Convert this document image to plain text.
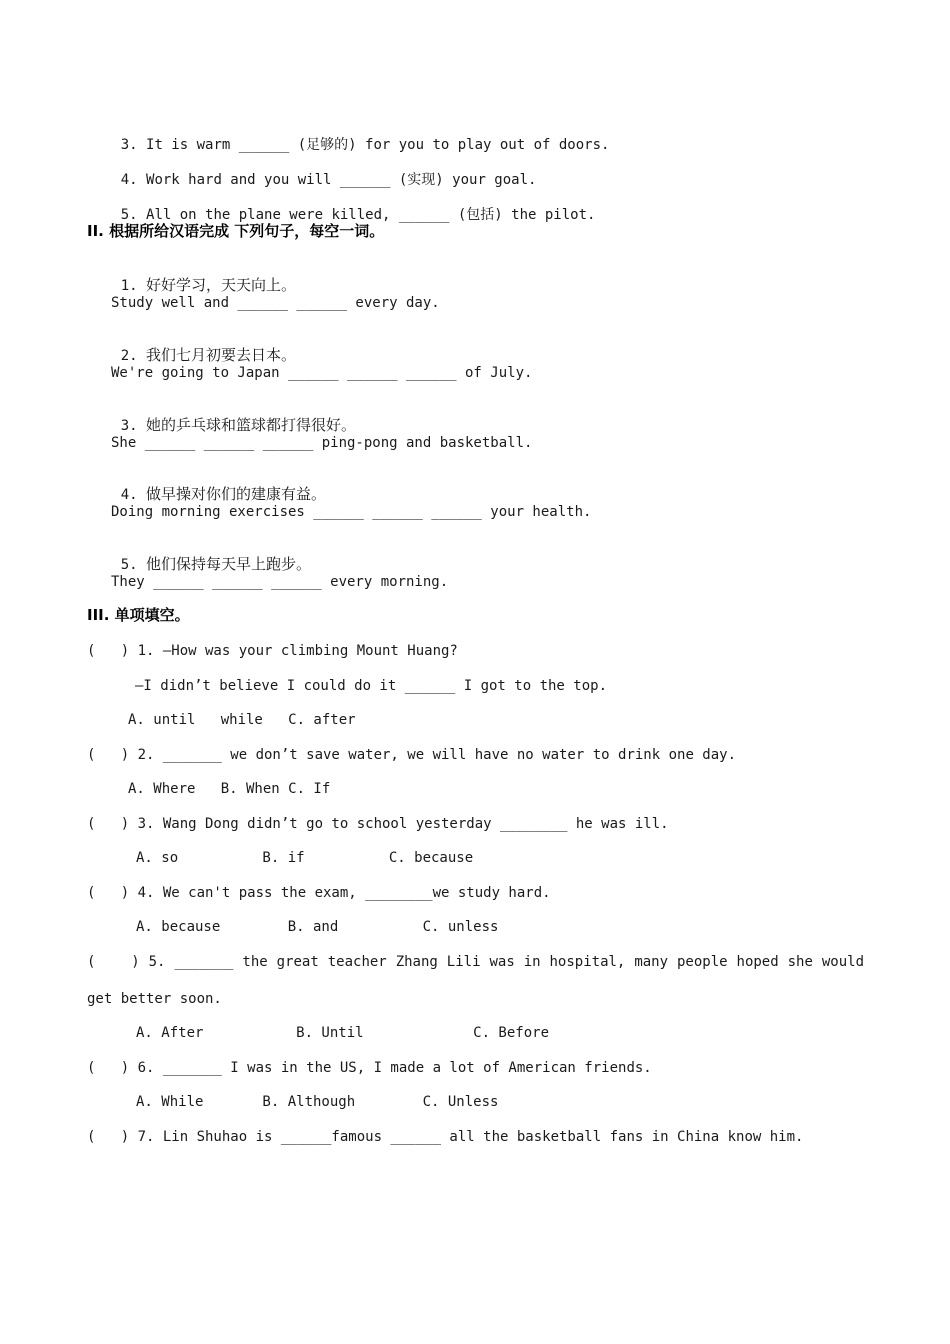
3. It is warm ______ (足够的) for you to play out of doors.

4. Work hard and you will ______ (实现) your goal.

5. All on the plane were killed, ______ (包括) the pilot.

II. 根据所给汉语完成 下列句子，每空一词。

1. 好好学习，天天向上。

Study well and ______ ______ every day.

2. 我们七月初要去日本。

We're going to Japan ______ ______ ______ of July.

3. 她的乒乓球和篮球都打得很好。

She ______ ______ ______ ping-pong and basketball.

4. 做早操对你们的建康有益。

Doing morning exercises ______ ______ ______ your health.

5. 他们保持每天早上跑步。

They ______ ______ ______ every morning.
III. 单项填空。
(   ) 1. —How was your climbing Mount Huang?
—I didn’t believe I could do it ______ I got to the top.
A. until   while   C. after
(   ) 2. _______ we don’t save water, we will have no water to drink one day.
A. Where   B. When C. If
(   ) 3. Wang Dong didn’t go to school yesterday ________ he was ill.
A. so          B. if          C. because
(   ) 4. We can't pass the exam, ________we study hard.
A. because        B. and          C. unless
(    ) 5. _______ the great teacher Zhang Lili was in hospital, many people hoped she would
get better soon.
A. After           B. Until             C. Before
(   ) 6. _______ I was in the US, I made a lot of American friends.
A. While       B. Although        C. Unless
(   ) 7. Lin Shuhao is ______famous ______ all the basketball fans in China know him.
